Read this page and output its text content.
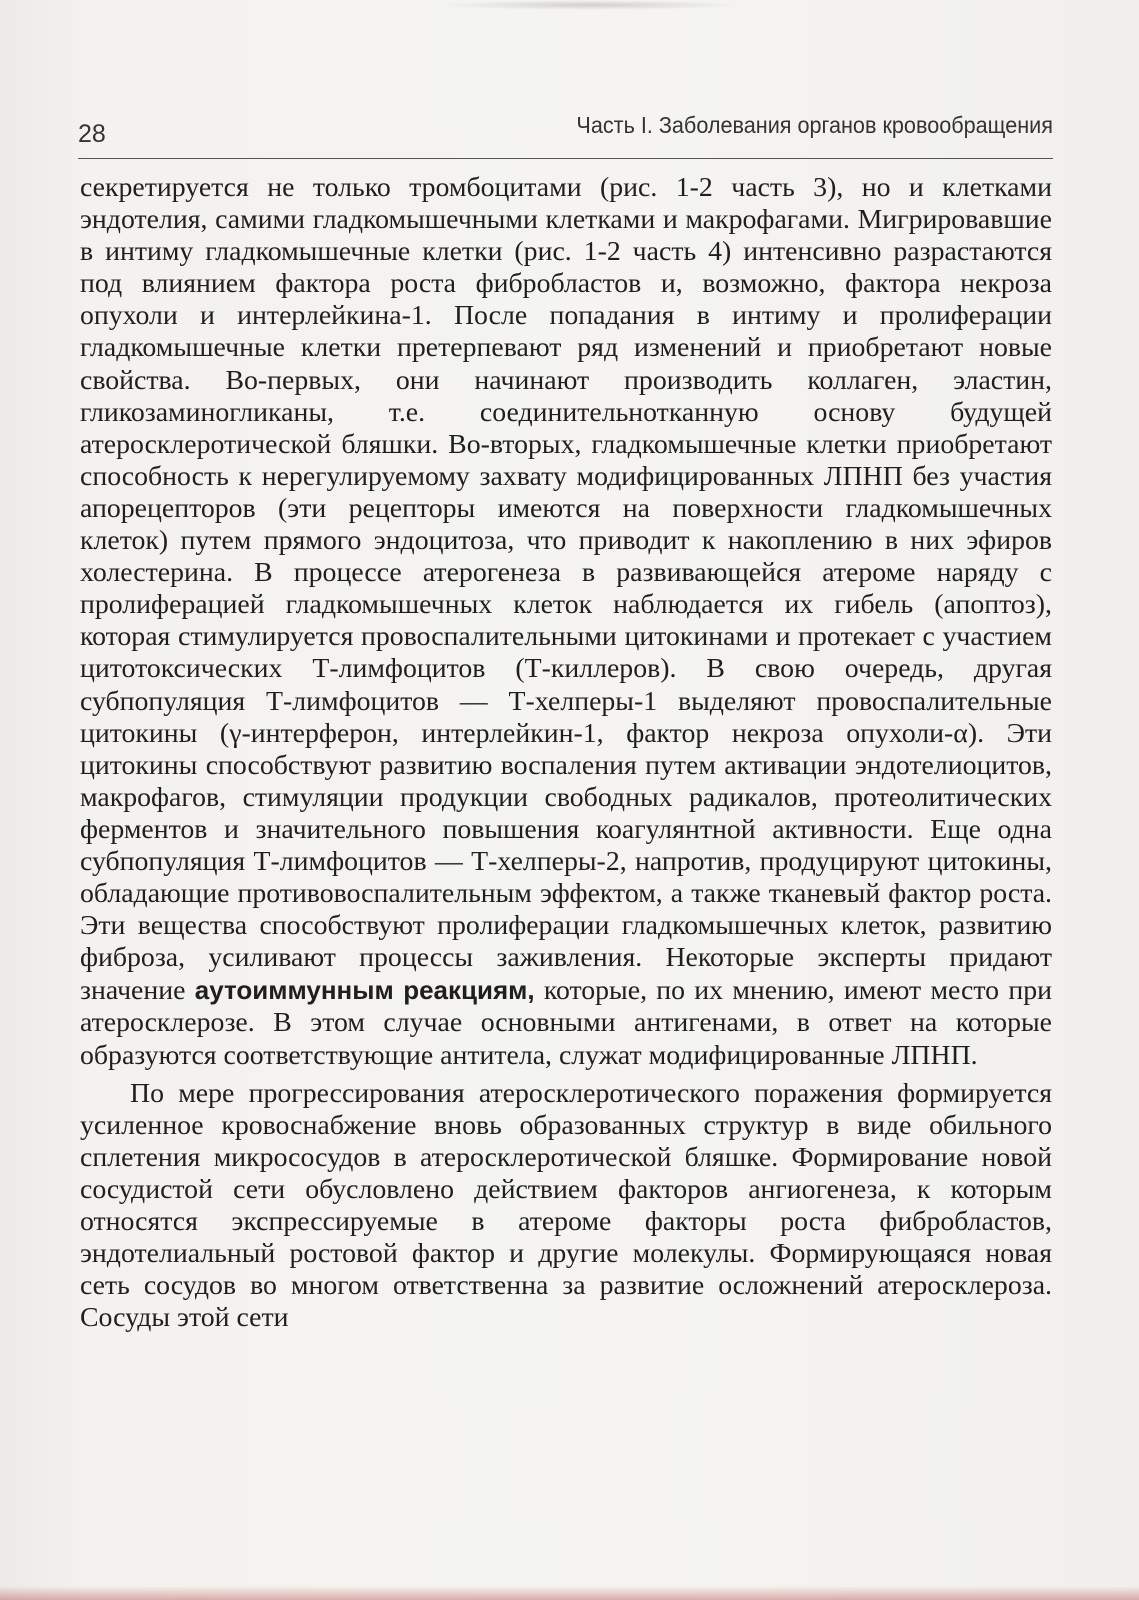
28	Часть I. Заболевания органов кровообращения

секретируется не только тромбоцитами (рис. 1-2 часть 3), но и клетками эндотелия, самими гладкомышечными клетками и макрофагами. Мигрировавшие в интиму гладкомышечные клетки (рис. 1-2 часть 4) интенсивно разрастаются под влиянием фактора роста фибробластов и, возможно, фактора некроза опухоли и интерлейкина-1. После попадания в интиму и пролиферации гладкомышечные клетки претерпевают ряд изменений и приобретают новые свойства. Во-первых, они начинают производить коллаген, эластин, гликозаминогликаны, т.е. соединительнотканную основу будущей атеросклеротической бляшки. Во-вторых, гладкомышечные клетки приобретают способность к нерегулируемому захвату модифицированных ЛПНП без участия апорецепторов (эти рецепторы имеются на поверхности гладкомышечных клеток) путем прямого эндоцитоза, что приводит к накоплению в них эфиров холестерина. В процессе атерогенеза в развивающейся атероме наряду с пролиферацией гладкомышечных клеток наблюдается их гибель (апоптоз), которая стимулируется провоспалительными цитокинами и протекает с участием цитотоксических Т-лимфоцитов (Т-киллеров). В свою очередь, другая субпопуляция Т-лимфоцитов — Т-хелперы-1 выделяют провоспалительные цитокины (γ-интерферон, интерлейкин-1, фактор некроза опухоли-α). Эти цитокины способствуют развитию воспаления путем активации эндотелиоцитов, макрофагов, стимуляции продукции свободных радикалов, протеолитических ферментов и значительного повышения коагулянтной активности. Еще одна субпопуляция Т-лимфоцитов — Т-хелперы-2, напротив, продуцируют цитокины, обладающие противовоспалительным эффектом, а также тканевый фактор роста. Эти вещества способствуют пролиферации гладкомышечных клеток, развитию фиброза, усиливают процессы заживления. Некоторые эксперты придают значение аутоиммунным реакциям, которые, по их мнению, имеют место при атеросклерозе. В этом случае основными антигенами, в ответ на которые образуются соответствующие антитела, служат модифицированные ЛПНП.

По мере прогрессирования атеросклеротического поражения формируется усиленное кровоснабжение вновь образованных структур в виде обильного сплетения микрососудов в атеросклеротической бляшке. Формирование новой сосудистой сети обусловлено действием факторов ангиогенеза, к которым относятся экспрессируемые в атероме факторы роста фибробластов, эндотелиальный ростовой фактор и другие молекулы. Формирующаяся новая сеть сосудов во многом ответственна за развитие осложнений атеросклероза. Сосуды этой сети
